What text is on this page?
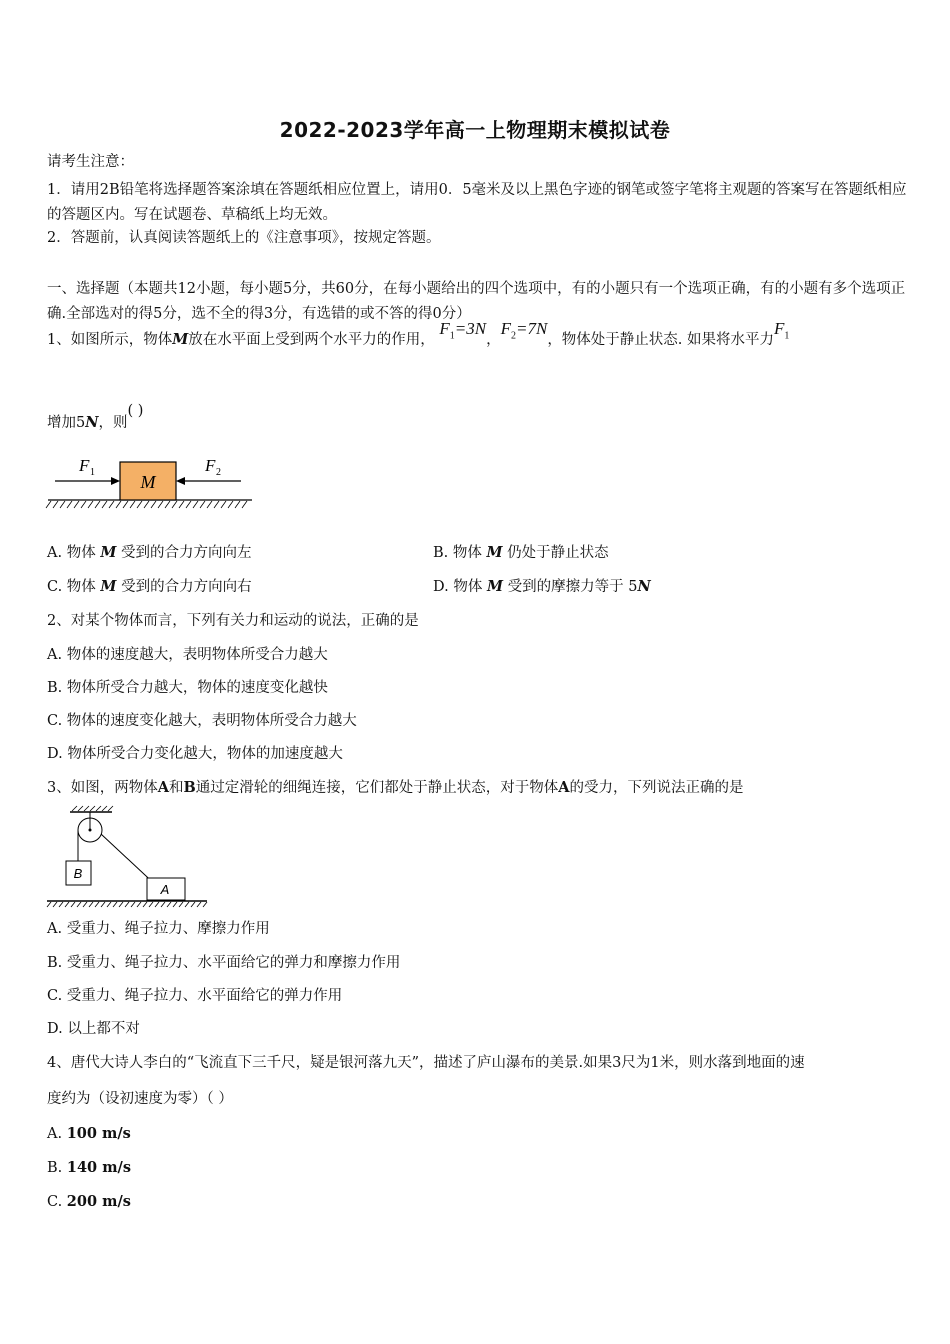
2022-2023学年高一上物理期末模拟试卷
请考生注意：
1．请用2B铅笔将选择题答案涂填在答题纸相应位置上，请用0．5毫米及以上黑色字迹的钢笔或签字笔将主观题的答案写在答题纸相应的答题区内。写在试题卷、草稿纸上均无效。
2．答题前，认真阅读答题纸上的《注意事项》，按规定答题。
一、选择题（本题共12小题，每小题5分，共60分，在每小题给出的四个选项中，有的小题只有一个选项正确，有的小题有多个选项正确.全部选对的得5分，选不全的得3分，有选错的或不答的得0分）
1、如图所示，物体M放在水平面上受到两个水平力的作用， $F_1=3N$，$F_2=7N$，物体处于静止状态. 如果将水平力$F_1$
增加5N，则( )
M
F 1	F 2
A. 物体 M 受到的合力方向向左	B. 物体 M 仍处于静止状态
C. 物体 M 受到的合力方向向右	D. 物体 M 受到的摩擦力等于 5N
2、对某个物体而言，下列有关力和运动的说法，正确的是
A. 物体的速度越大，表明物体所受合力越大
B. 物体所受合力越大，物体的速度变化越快
C. 物体的速度变化越大，表明物体所受合力越大
D. 物体所受合力变化越大，物体的加速度越大
3、如图，两物体A和B通过定滑轮的细绳连接，它们都处于静止状态，对于物体A的受力，下列说法正确的是
B
A
A. 受重力、绳子拉力、摩擦力作用
B. 受重力、绳子拉力、水平面给它的弹力和摩擦力作用
C. 受重力、绳子拉力、水平面给它的弹力作用
D. 以上都不对
4、唐代大诗人李白的“飞流直下三千尺，疑是银河落九天”，描述了庐山瀑布的美景.如果3尺为1米，则水落到地面的速
度约为（设初速度为零）（ ）
A. 100 m/s
B. 140 m/s
C. 200 m/s
